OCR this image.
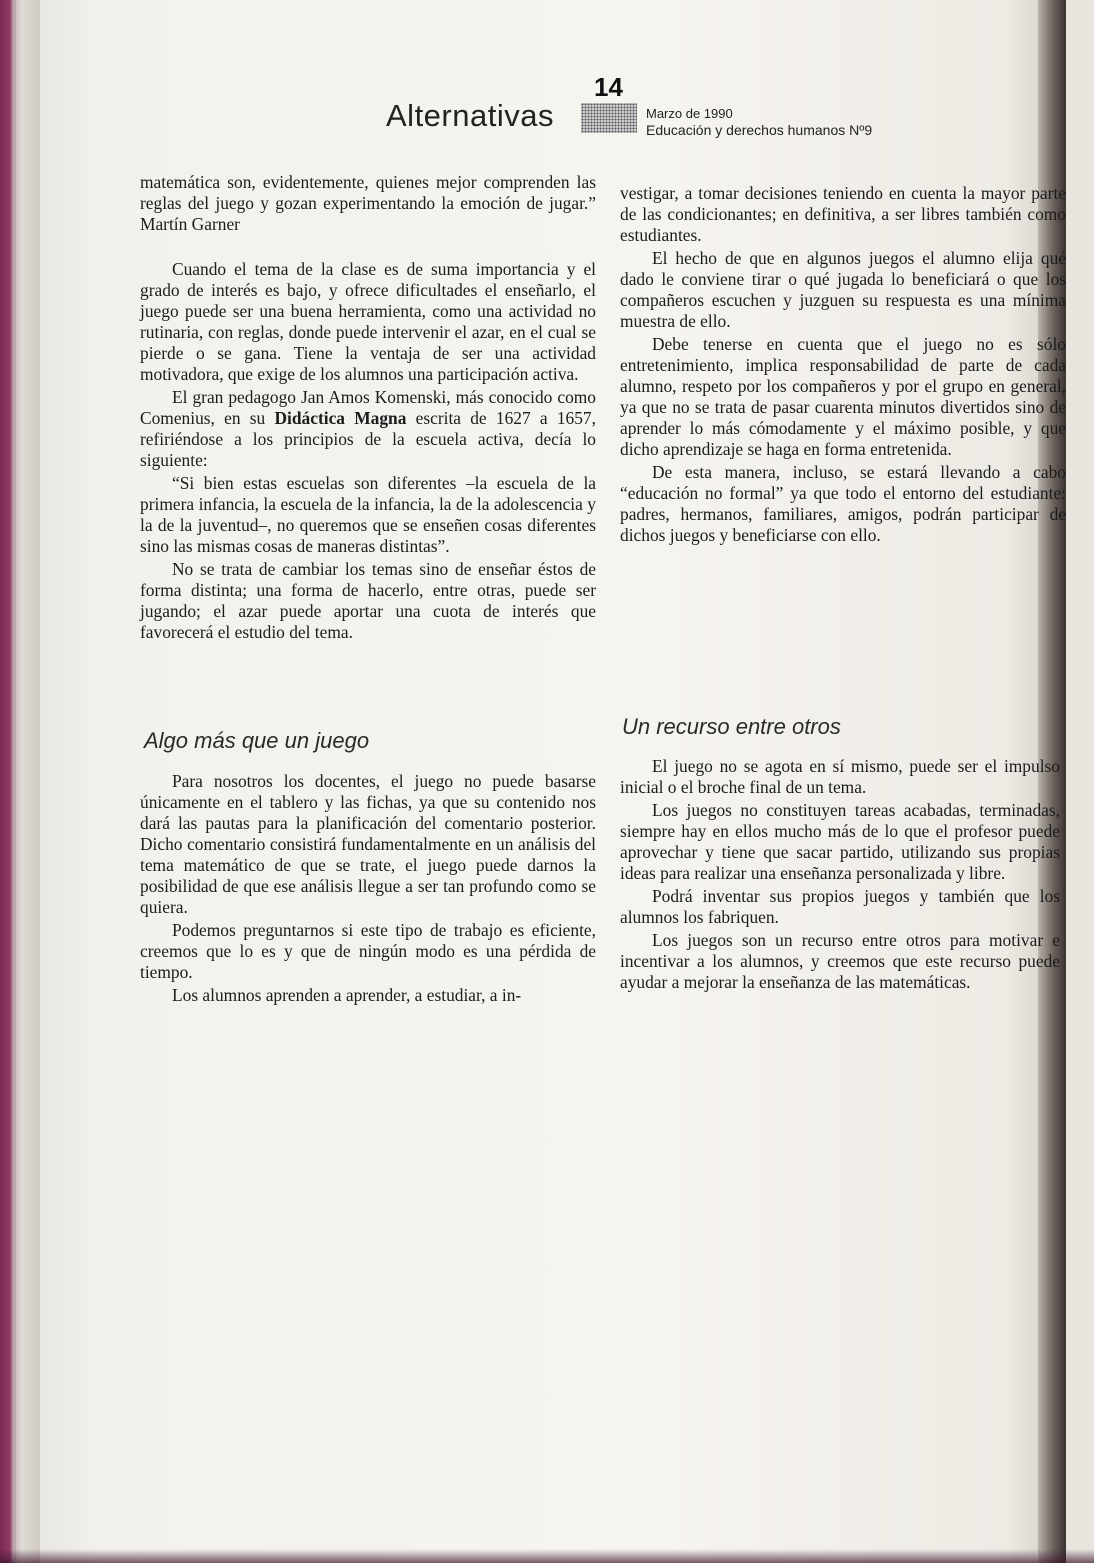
Alternativas
14
Marzo de 1990
Educación y derechos humanos Nº9

matemática son, evidentemente, quienes mejor comprenden las reglas del juego y gozan experimentando la emoción de jugar.” Martín Garner

Cuando el tema de la clase es de suma importancia y el grado de interés es bajo, y ofrece dificultades el enseñarlo, el juego puede ser una buena herramienta, como una actividad no rutinaria, con reglas, donde puede intervenir el azar, en el cual se pierde o se gana. Tiene la ventaja de ser una actividad motivadora, que exige de los alumnos una participación activa.

El gran pedagogo Jan Amos Komenski, más conocido como Comenius, en su Didáctica Magna escrita de 1627 a 1657, refiriéndose a los principios de la escuela activa, decía lo siguiente:

“Si bien estas escuelas son diferentes –la escuela de la primera infancia, la escuela de la infancia, la de la adolescencia y la de la juventud–, no queremos que se enseñen cosas diferentes sino las mismas cosas de maneras distintas”.

No se trata de cambiar los temas sino de enseñar éstos de forma distinta; una forma de hacerlo, entre otras, puede ser jugando; el azar puede aportar una cuota de interés que favorecerá el estudio del tema.

Algo más que un juego

Para nosotros los docentes, el juego no puede basarse únicamente en el tablero y las fichas, ya que su contenido nos dará las pautas para la planificación del comentario posterior. Dicho comentario consistirá fundamentalmente en un análisis del tema matemático de que se trate, el juego puede darnos la posibilidad de que ese análisis llegue a ser tan profundo como se quiera.

Podemos preguntarnos si este tipo de trabajo es eficiente, creemos que lo es y que de ningún modo es una pérdida de tiempo.

Los alumnos aprenden a aprender, a estudiar, a in-

vestigar, a tomar decisiones teniendo en cuenta la mayor parte de las condicionantes; en definitiva, a ser libres también como estudiantes.

El hecho de que en algunos juegos el alumno elija qué dado le conviene tirar o qué jugada lo beneficiará o que los compañeros escuchen y juzguen su respuesta es una mínima muestra de ello.

Debe tenerse en cuenta que el juego no es sólo entretenimiento, implica responsabilidad de parte de cada alumno, respeto por los compañeros y por el grupo en general, ya que no se trata de pasar cuarenta minutos divertidos sino de aprender lo más cómodamente y el máximo posible, y que dicho aprendizaje se haga en forma entretenida.

De esta manera, incluso, se estará llevando a cabo “educación no formal” ya que todo el entorno del estudiante: padres, hermanos, familiares, amigos, podrán participar de dichos juegos y beneficiarse con ello.

Un recurso entre otros

El juego no se agota en sí mismo, puede ser el impulso inicial o el broche final de un tema.

Los juegos no constituyen tareas acabadas, terminadas, siempre hay en ellos mucho más de lo que el profesor puede aprovechar y tiene que sacar partido, utilizando sus propias ideas para realizar una enseñanza personalizada y libre.

Podrá inventar sus propios juegos y también que los alumnos los fabriquen.

Los juegos son un recurso entre otros para motivar e incentivar a los alumnos, y creemos que este recurso puede ayudar a mejorar la enseñanza de las matemáticas.
